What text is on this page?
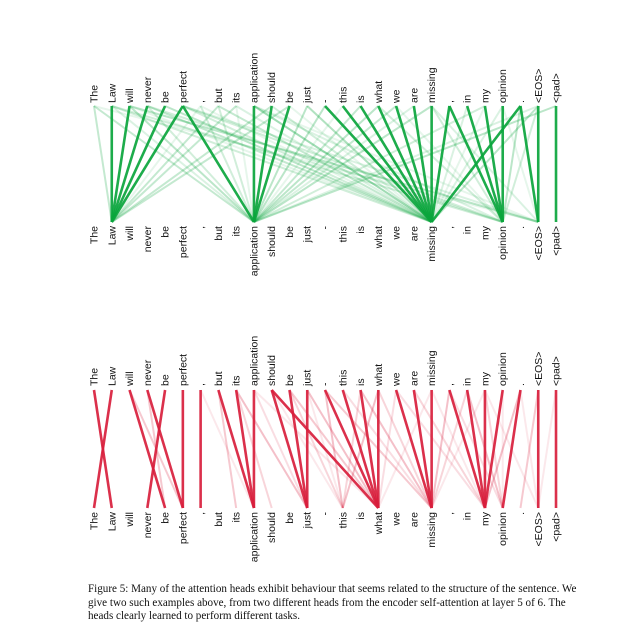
The
The
Law
Law
will
will
never
never
be
be
perfect
perfect
,
,
but
but
its
its
application
application
should
should
be
be
just
just
-
-
this
this
is
is
what
what
we
we
are
are
missing
missing
,
,
in
in
my
my
opinion
opinion
.
.
<EOS>
<EOS>
<pad>
<pad>
The
The
Law
Law
will
will
never
never
be
be
perfect
perfect
,
,
but
but
its
its
application
application
should
should
be
be
just
just
-
-
this
this
is
is
what
what
we
we
are
are
missing
missing
,
,
in
in
my
my
opinion
opinion
.
.
<EOS>
<EOS>
<pad>
<pad>

Figure 5: Many of the attention heads exhibit behaviour that seems related to the structure of the sentence. We give two such examples above, from two different heads from the encoder self-attention at layer 5 of 6. The heads clearly learned to perform different tasks.
